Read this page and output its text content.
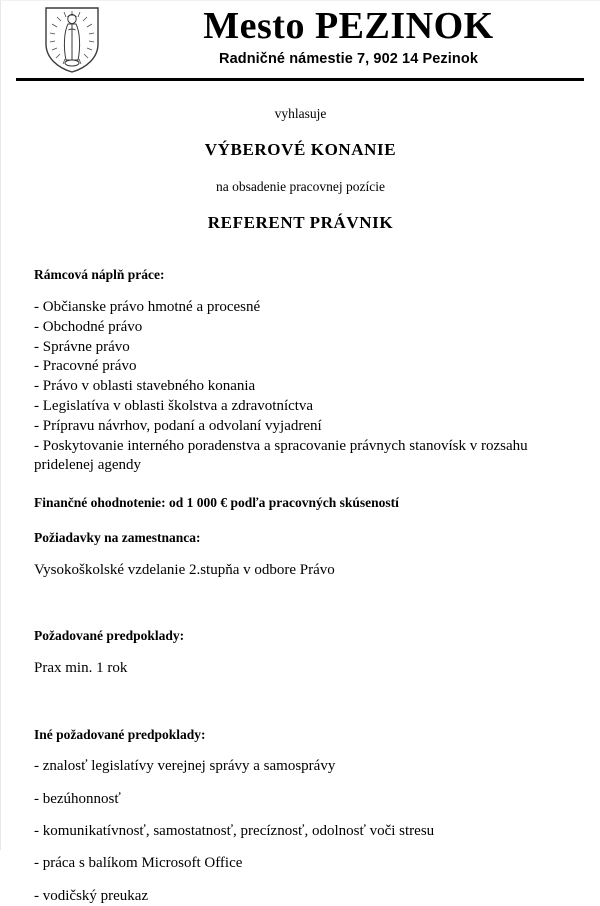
Mesto PEZINOK
Radničné námestie 7, 902 14 Pezinok
vyhlasuje
VÝBEROVÉ KONANIE
na obsadenie pracovnej pozície
REFERENT PRÁVNIK
Rámcová náplň práce:
- Občianske právo hmotné a procesné
- Obchodné právo
- Správne právo
- Pracovné právo
- Právo v oblasti stavebného konania
- Legislatíva v oblasti školstva a zdravotníctva
- Prípravu návrhov, podaní a odvolaní vyjadrení
- Poskytovanie interného poradenstva a spracovanie právnych stanovísk v rozsahu pridelenej agendy
Finančné ohodnotenie: od 1 000 € podľa pracovných skúseností
Požiadavky na zamestnanca:
Vysokoškolské vzdelanie 2.stupňa v odbore Právo
Požadované predpoklady:
Prax min. 1 rok
Iné požadované predpoklady:
- znalosť legislatívy verejnej správy a samosprávy
- bezúhonnosť
- komunikatívnosť, samostatnosť, precíznosť, odolnosť voči stresu
- práca s balíkom Microsoft Office
- vodičský preukaz
